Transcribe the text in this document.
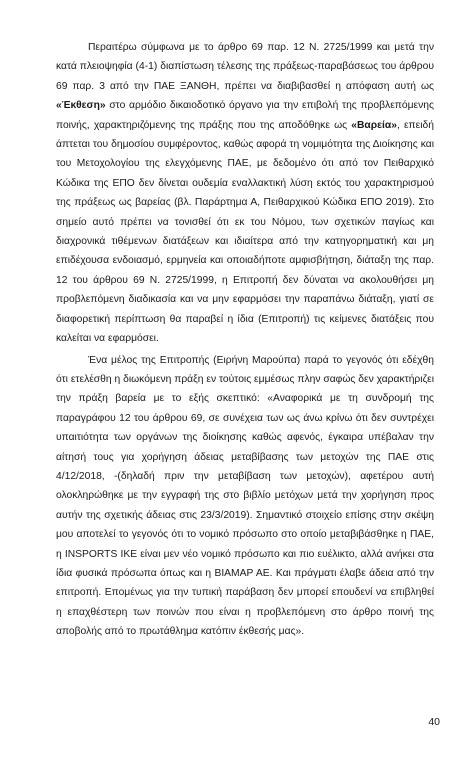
Περαιτέρω σύμφωνα με το άρθρο 69 παρ. 12 Ν. 2725/1999 και μετά την κατά πλειοψηφία (4-1) διαπίστωση τέλεσης της πράξεως-παραβάσεως του άρθρου 69 παρ. 3 από την ΠΑΕ ΞΑΝΘΗ, πρέπει να διαβιβασθεί η απόφαση αυτή ως «Έκθεση» στο αρμόδιο δικαιοδοτικό όργανο για την επιβολή της προβλεπόμενης ποινής, χαρακτηριζόμενης της πράξης που της αποδόθηκε ως «Βαρεία», επειδή άπτεται του δημοσίου συμφέροντος, καθώς αφορά τη νομιμότητα της Διοίκησης και του Μετοχολογίου της ελεγχόμενης ΠΑΕ, με δεδομένο ότι από τον Πειθαρχικό Κώδικα της ΕΠΟ δεν δίνεται ουδεμία εναλλακτική λύση εκτός του χαρακτηρισμού της πράξεως ως βαρείας (βλ. Παράρτημα Α, Πειθαρχικού Κώδικα ΕΠΟ 2019). Στο σημείο αυτό πρέπει να τονισθεί ότι εκ του Νόμου, των σχετικών παγίως και διαχρονικά τιθέμενων διατάξεων και ιδιαίτερα από την κατηγορηματική και μη επιδέχουσα ενδοιασμό, ερμηνεία και οποιαδήποτε αμφισβήτηση, διάταξη της παρ. 12 του άρθρου 69 Ν. 2725/1999, η Επιτροπή δεν δύναται να ακολουθήσει μη προβλεπόμενη διαδικασία και να μην εφαρμόσει την παραπάνω διάταξη, γιατί σε διαφορετική περίπτωση θα παραβεί η ίδια (Επιτροπή) τις κείμενες διατάξεις που καλείται να εφαρμόσει.

Ένα μέλος της Επιτροπής (Ειρήνη Μαρούπα) παρά το γεγονός ότι εδέχθη ότι ετελέσθη η διωκόμενη πράξη εν τούτοις εμμέσως πλην σαφώς δεν χαρακτήριζει την πράξη βαρεία με το εξής σκεπτικό: «Αναφορικά με τη συνδρομή της παραγράφου 12 του άρθρου 69, σε συνέχεια των ως άνω κρίνω ότι δεν συντρέχει υπαιτιότητα των οργάνων της διοίκησης καθώς αφενός, έγκαιρα υπέβαλαν την αίτησή τους για χορήγηση άδειας μεταβίβασης των μετοχών της ΠΑΕ στις 4/12/2018, -(δηλαδή πριν την μεταβίβαση των μετοχών), αφετέρου αυτή ολοκληρώθηκε με την εγγραφή της στο βιβλίο μετόχων μετά την χορήγηση προς αυτήν της σχετικής άδειας στις 23/3/2019). Σημαντικό στοιχείο επίσης στην σκέψη μου αποτελεί το γεγονός ότι το νομικό πρόσωπο στο οποίο μεταβιβάσθηκε η ΠΑΕ, η INSPORTS IKE είναι μεν νέο νομικό πρόσωπο και πιο ευέλικτο, αλλά ανήκει στα ίδια φυσικά πρόσωπα όπως και η ΒΙΑΜΑΡ ΑΕ. Και πράγματι έλαβε άδεια από την επιτροπή. Επομένως για την τυπική παράβαση δεν μπορεί επουδενί να επιβληθεί η επαχθέστερη των ποινών που είναι η προβλεπόμενη στο άρθρο ποινή της αποβολής από το πρωτάθλημα κατόπιν έκθεσής μας».

40
